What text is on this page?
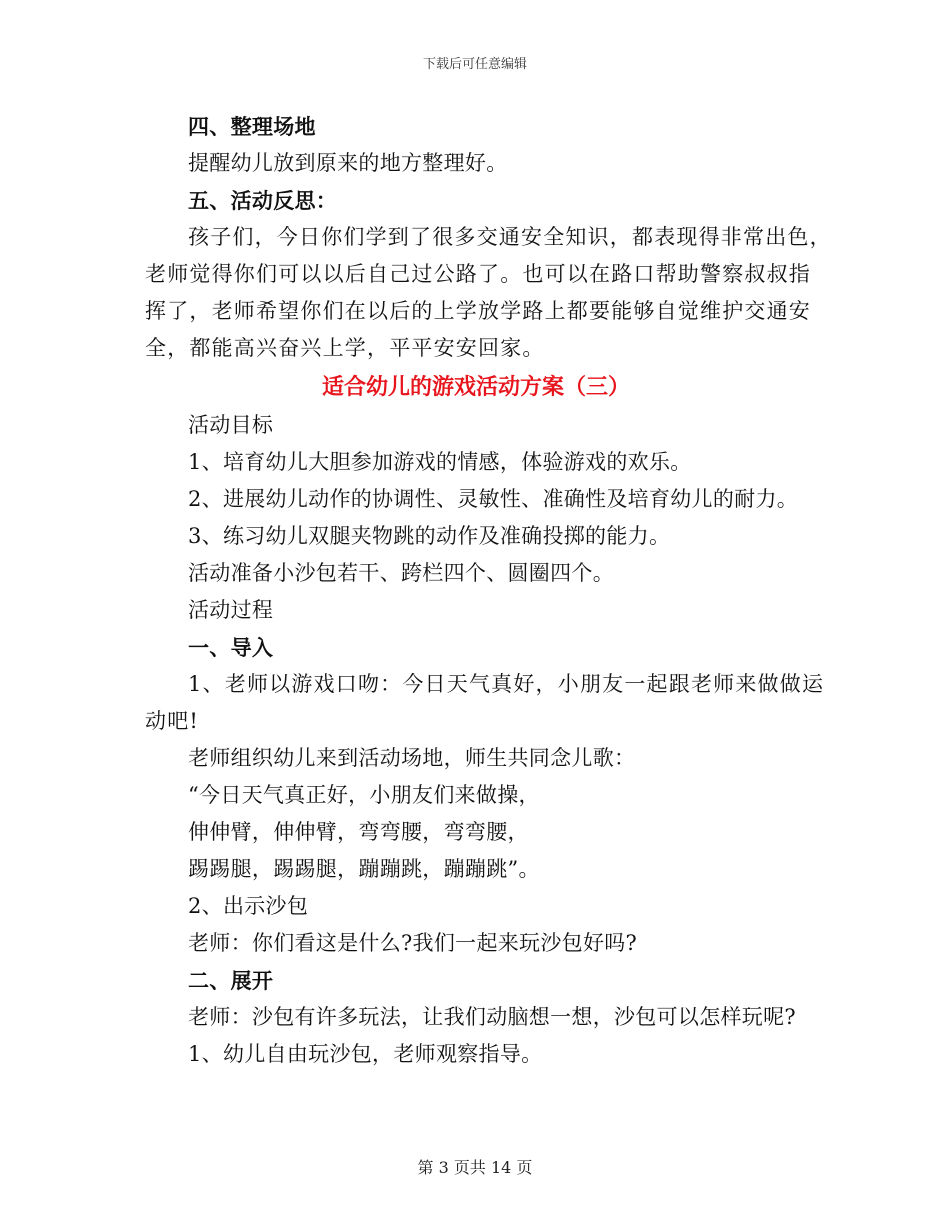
下载后可任意编辑
四、整理场地
提醒幼儿放到原来的地方整理好。
五、活动反思：
孩子们，今日你们学到了很多交通安全知识，都表现得非常出色，
老师觉得你们可以以后自己过公路了。也可以在路口帮助警察叔叔指
挥了，老师希望你们在以后的上学放学路上都要能够自觉维护交通安
全，都能高兴奋兴上学，平平安安回家。
适合幼儿的游戏活动方案（三）
活动目标
1、培育幼儿大胆参加游戏的情感，体验游戏的欢乐。
2、进展幼儿动作的协调性、灵敏性、准确性及培育幼儿的耐力。
3、练习幼儿双腿夹物跳的动作及准确投掷的能力。
活动准备小沙包若干、跨栏四个、圆圈四个。
活动过程
一、导入
1、老师以游戏口吻：今日天气真好，小朋友一起跟老师来做做运
动吧!
老师组织幼儿来到活动场地，师生共同念儿歌：
“今日天气真正好，小朋友们来做操，
伸伸臂，伸伸臂，弯弯腰，弯弯腰，
踢踢腿，踢踢腿，蹦蹦跳，蹦蹦跳”。
2、出示沙包
老师：你们看这是什么?我们一起来玩沙包好吗?
二、展开
老师：沙包有许多玩法，让我们动脑想一想，沙包可以怎样玩呢?
1、幼儿自由玩沙包，老师观察指导。
第 3 页共 14 页
